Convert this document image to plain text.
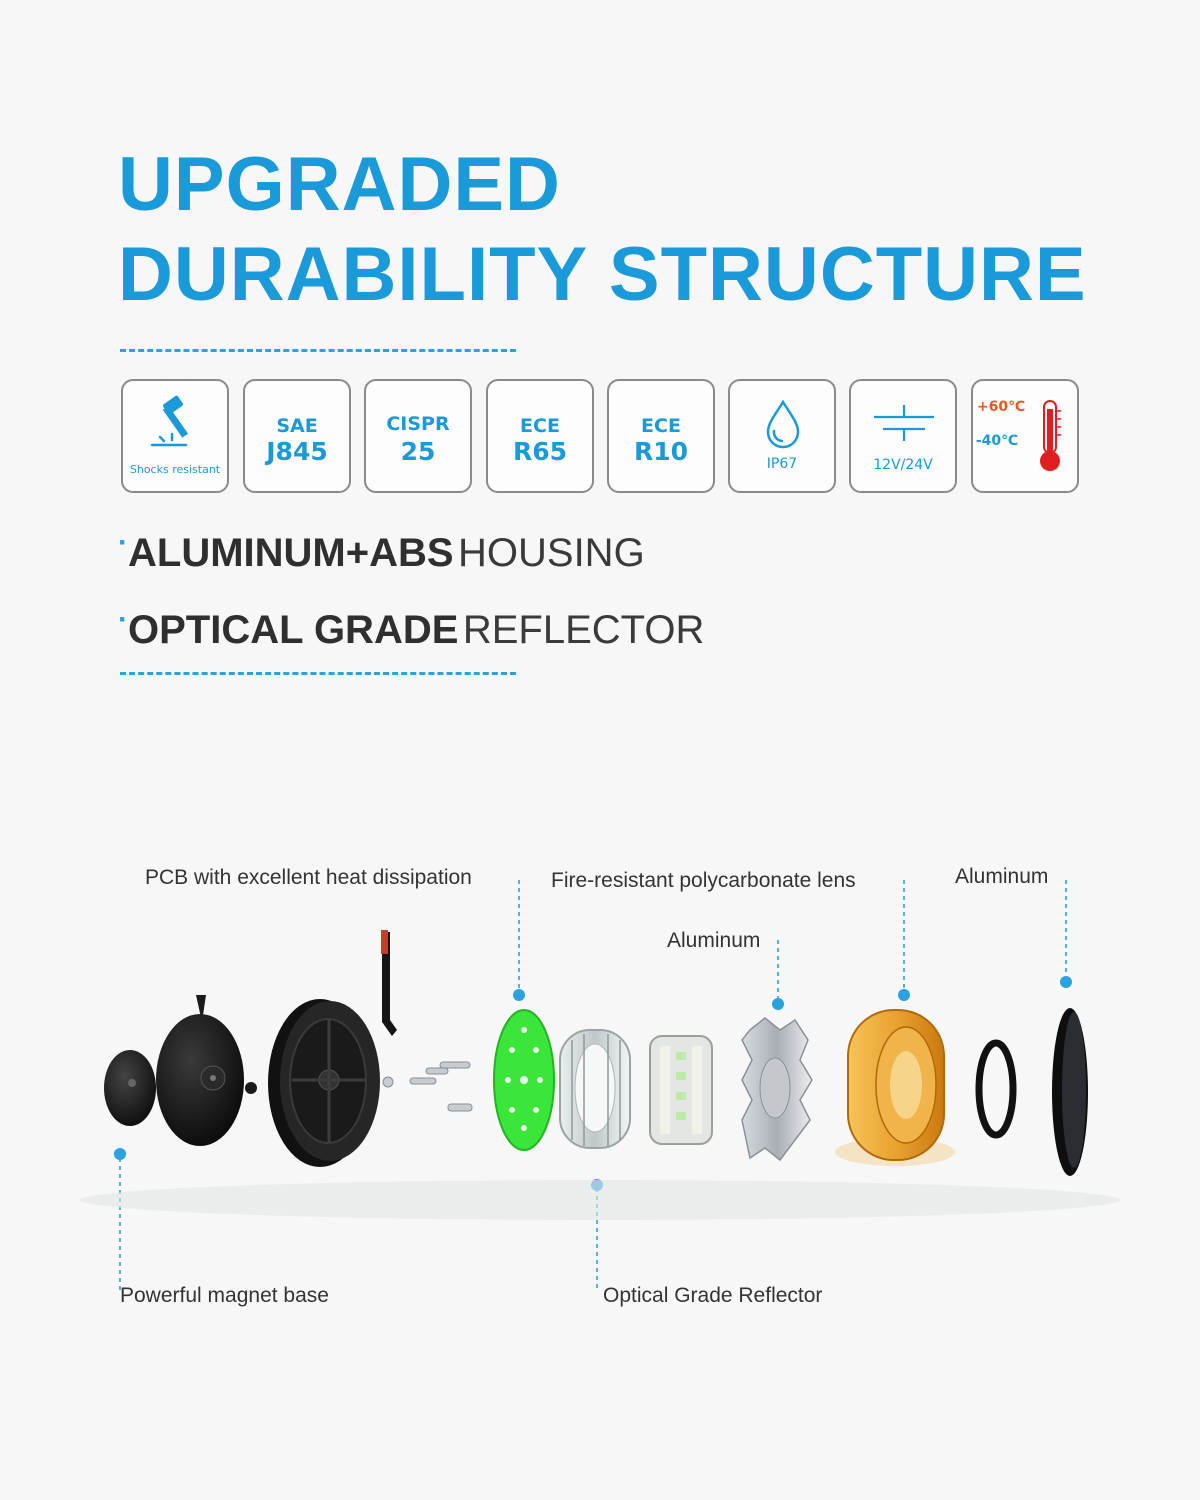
UPGRADED
DURABILITY STRUCTURE
Shocks resistant
SAE
J845
CISPR
25
ECE
R65
ECE
R10	IP67	12V/24V
+60℃
-40℃
·ALUMINUM+ABS HOUSING
·OPTICAL GRADE REFLECTOR
PCB with excellent heat dissipation	Fire-resistant polycarbonate lens	Aluminum
Aluminum
Powerful magnet base	Optical Grade Reflector
